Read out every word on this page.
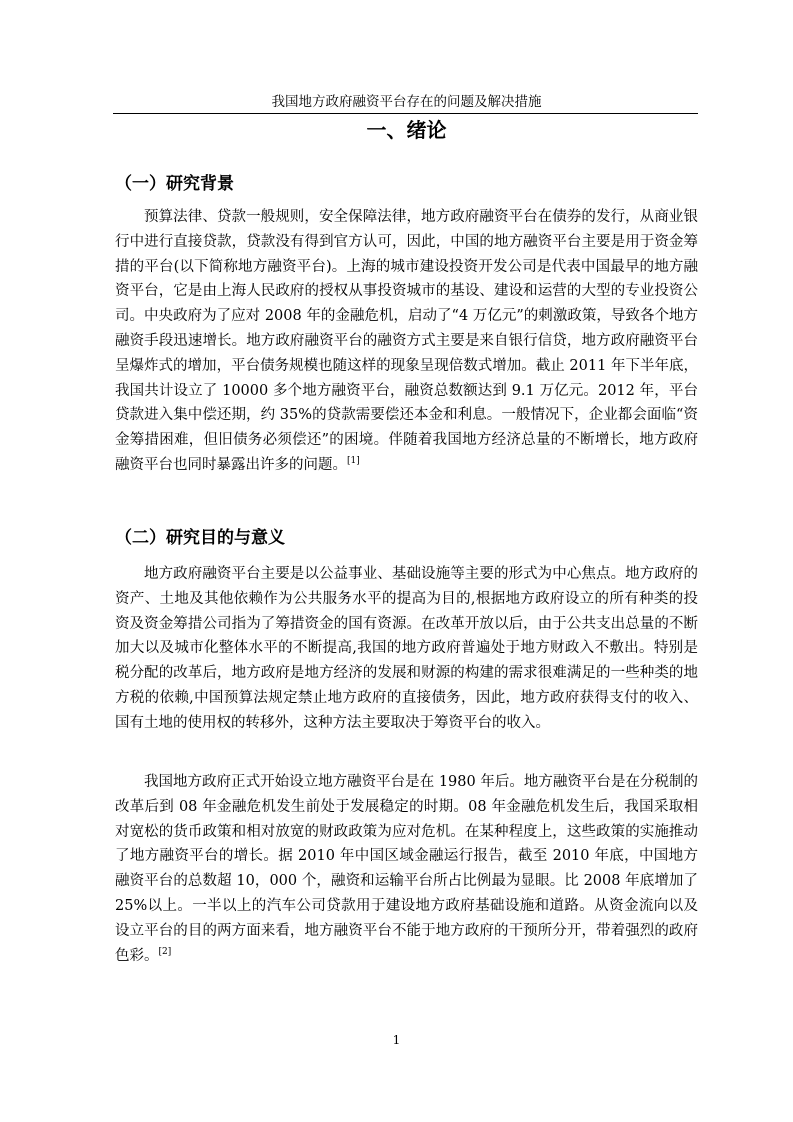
我国地方政府融资平台存在的问题及解决措施
一、绪论
（一）研究背景

预算法律、贷款一般规则，安全保障法律，地方政府融资平台在债券的发行，从商业银行中进行直接贷款，贷款没有得到官方认可，因此，中国的地方融资平台主要是用于资金筹措的平台(以下简称地方融资平台)。上海的城市建设投资开发公司是代表中国最早的地方融资平台，它是由上海人民政府的授权从事投资城市的基设、建设和运营的大型的专业投资公司。中央政府为了应对 2008 年的金融危机，启动了“4 万亿元”的刺激政策，导致各个地方融资手段迅速增长。地方政府融资平台的融资方式主要是来自银行信贷，地方政府融资平台呈爆炸式的增加，平台债务规模也随这样的现象呈现倍数式增加。截止 2011 年下半年底，我国共计设立了 10000 多个地方融资平台，融资总数额达到 9.1 万亿元。2012 年，平台贷款进入集中偿还期，约 35%的贷款需要偿还本金和利息。一般情况下，企业都会面临“资金筹措困难，但旧债务必须偿还”的困境。伴随着我国地方经济总量的不断增长，地方政府融资平台也同时暴露出许多的问题。[1]

（二）研究目的与意义

地方政府融资平台主要是以公益事业、基础设施等主要的形式为中心焦点。地方政府的资产、土地及其他依赖作为公共服务水平的提高为目的,根据地方政府设立的所有种类的投资及资金筹措公司指为了筹措资金的国有资源。在改革开放以后，由于公共支出总量的不断加大以及城市化整体水平的不断提高,我国的地方政府普遍处于地方财政入不敷出。特别是税分配的改革后，地方政府是地方经济的发展和财源的构建的需求很难满足的一些种类的地方税的依赖,中国预算法规定禁止地方政府的直接债务，因此，地方政府获得支付的收入、国有土地的使用权的转移外，这种方法主要取决于筹资平台的收入。

我国地方政府正式开始设立地方融资平台是在 1980 年后。地方融资平台是在分税制的改革后到 08 年金融危机发生前处于发展稳定的时期。08 年金融危机发生后，我国采取相对宽松的货币政策和相对放宽的财政政策为应对危机。在某种程度上，这些政策的实施推动了地方融资平台的增长。据 2010 年中国区域金融运行报告，截至 2010 年底，中国地方融资平台的总数超 10，000 个，融资和运输平台所占比例最为显眼。比 2008 年底增加了 25%以上。一半以上的汽车公司贷款用于建设地方政府基础设施和道路。从资金流向以及设立平台的目的两方面来看，地方融资平台不能于地方政府的干预所分开，带着强烈的政府色彩。[2]

1
